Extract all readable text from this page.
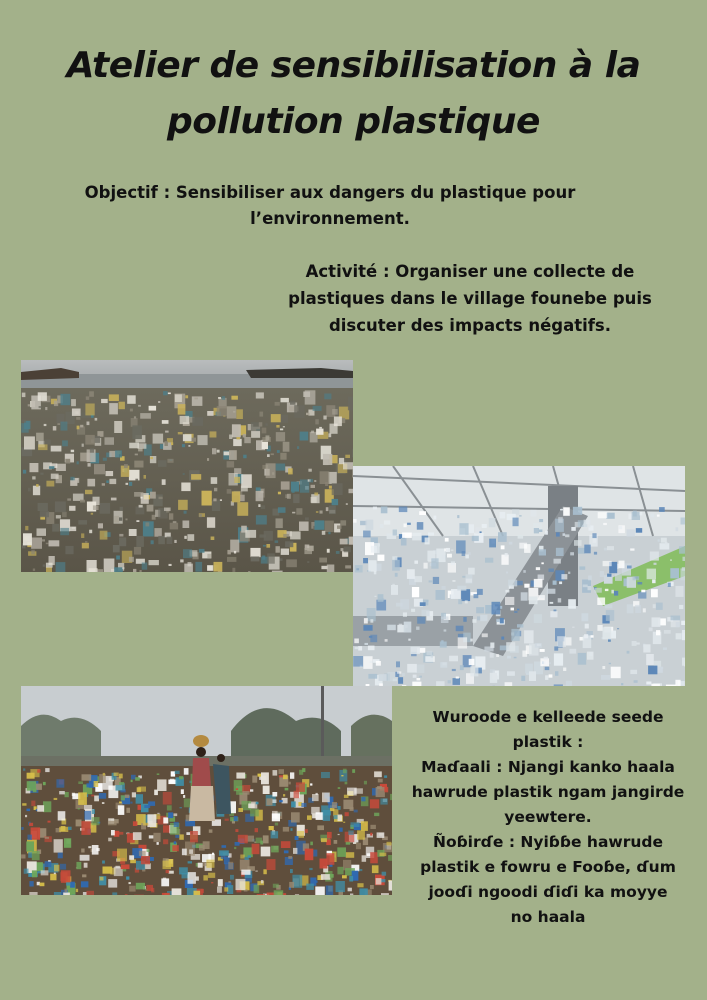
Atelier de sensibilisation à la
pollution plastique
Objectif : Sensibiliser aux dangers du plastique pour
l’environnement.
Activité : Organiser une collecte de
plastiques dans le village founebe puis
discuter des impacts négatifs.

Wuroode e kelleede seede

plastik :

Maɗaali : Njangi kanko haala

hawrude plastik ngam jangirde

yeewtere.

Ñoɓirɗe : Nyiɓɓe hawrude

plastik e fowru e Fooɓe, ɗum

jooɗi ngoodi ɗiɗi ka moyye

no haala
